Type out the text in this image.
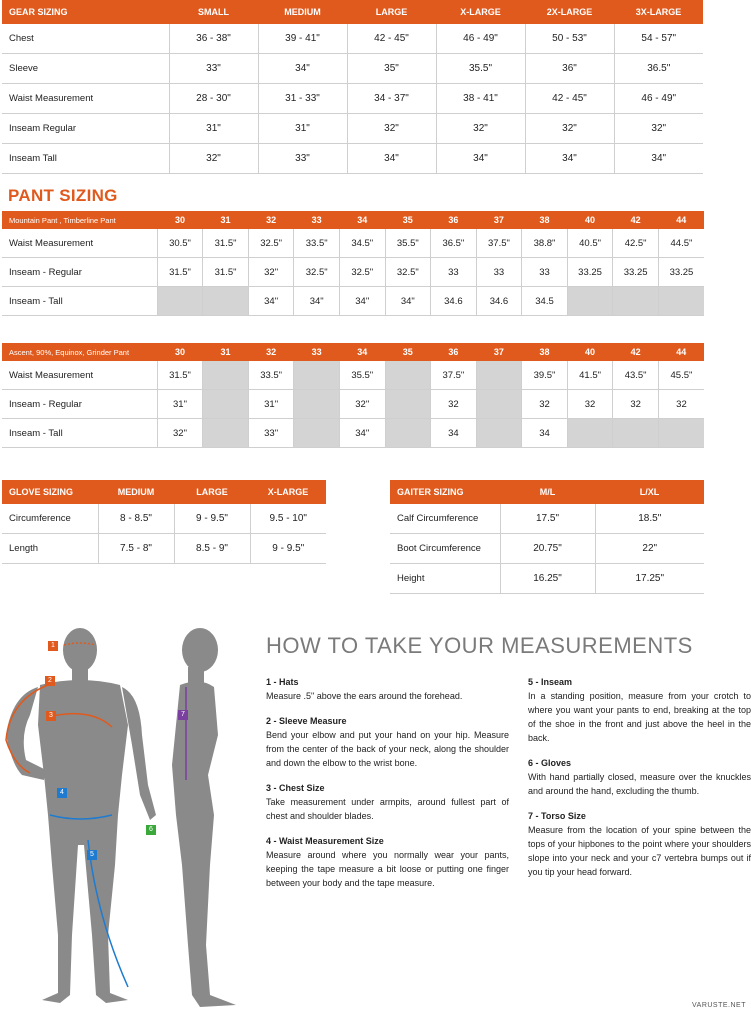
GEAR SIZING	SMALL	MEDIUM	LARGE	X-LARGE	2X-LARGE	3X-LARGE
Chest	36 - 38"	39 - 41"	42 - 45"	46 - 49"	50 - 53"	54 - 57"
Sleeve	33"	34"	35"	35.5"	36"	36.5"
Waist Measurement	28 - 30"	31 - 33"	34 - 37"	38 - 41"	42 - 45"	46 - 49"
Inseam Regular	31"	31"	32"	32"	32"	32"
Inseam Tall	32"	33"	34"	34"	34"	34"
PANT SIZING
Mountain Pant , Timberline Pant	30	31	32	33	34	35	36	37	38	40	42	44
Waist Measurement	30.5"	31.5"	32.5"	33.5"	34.5"	35.5"	36.5"	37.5"	38.8"	40.5"	42.5"	44.5"
Inseam - Regular	31.5"	31.5"	32"	32.5"	32.5"	32.5"	33	33	33	33.25	33.25	33.25
Inseam - Tall			34"	34"	34"	34"	34.6	34.6	34.5			
Ascent, 90%, Equinox, Grinder Pant	30	31	32	33	34	35	36	37	38	40	42	44
Waist Measurement	31.5"		33.5"		35.5"		37.5"		39.5"	41.5"	43.5"	45.5"
Inseam - Regular	31"		31"		32"		32		32	32	32	32
Inseam - Tall	32"		33"		34"		34		34			
GLOVE SIZING	MEDIUM	LARGE	X-LARGE
Circumference	8 - 8.5"	9 - 9.5"	9.5 - 10"
Length	7.5 - 8"	8.5 - 9"	9 - 9.5"
GAITER SIZING	M/L	L/XL
Calf Circumference	17.5"	18.5"
Boot Circumference	20.75"	22"
Height	16.25"	17.25"
1
2
3
4
5
6
7
HOW TO TAKE YOUR MEASUREMENTS
1 - Hats

Measure .5" above the ears around the forehead.

2 - Sleeve Measure

Bend your elbow and put your hand on your hip. Measure from the center of the back of your neck, along the shoulder and down the elbow to the wrist bone.

3 - Chest Size

Take measurement under armpits, around fullest part of chest and shoulder blades.

4 - Waist Measurement Size

Measure around where you normally wear your pants, keeping the tape measure a bit loose or putting one finger between your body and the tape measure.

5 - Inseam

In a standing position, measure from your crotch to where you want your pants to end, breaking at the top of the shoe in the front and just above the heel in the back.

6 - Gloves

With hand partially closed, measure over the knuckles and around the hand, excluding the thumb.

7 - Torso Size

Measure from the location of your spine between the tops of your hipbones to the point where your shoulders slope into your neck and your c7 vertebra bumps out if you tip your head forward.

VARUSTE.NET
